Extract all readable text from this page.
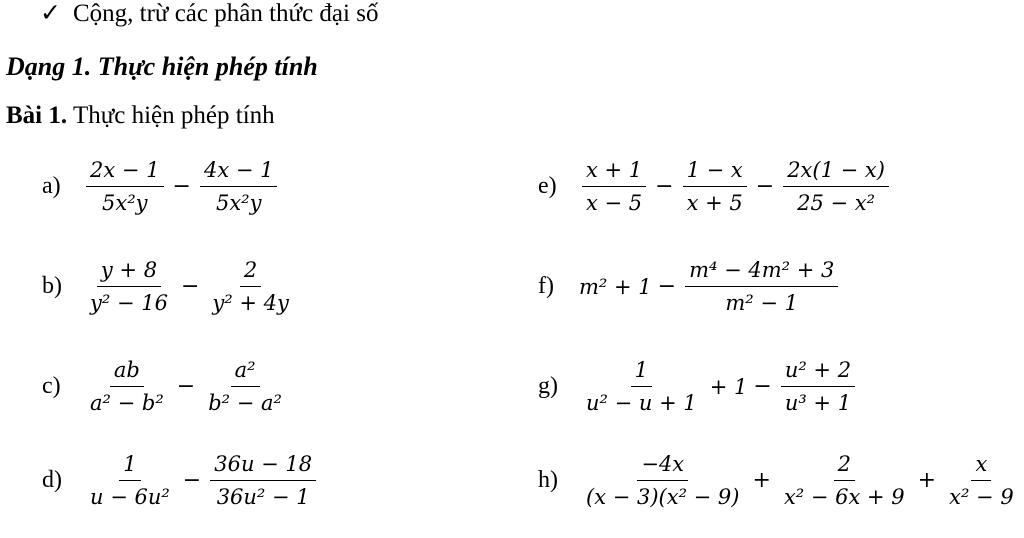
✓ Cộng, trừ các phân thức đại số
Dạng 1. Thực hiện phép tính
Bài 1. Thực hiện phép tính
a)	$\frac{2x - 1}{\text{5x²y}} - \frac{4x - 1}{\text{5x²y}}$
b)	$\frac{y + 8}{\text{y² − 16}} - \frac{2}{\text{y² + 4y}}$
c)	$\frac{ab}{\text{a² − b²}} - \frac{\text{a²}}{\text{b² − a²}}$
d)	$\frac{1}{\text{u − 6u²}} - \frac{36u - 18}{\text{36u² − 1}}$
e)	$\frac{x + 1}{x - 5} - \frac{1 - x}{x + 5} - \frac{2x(1 - x)}{\text{25 − x²}}$
f)	$m^2 + 1 - \frac{\text{m⁴ − 4m² + 3}}{\text{m² − 1}}$
g)	$\frac{1}{\text{u² − u + 1}} + 1 - \frac{\text{u² + 2}}{\text{u³ + 1}}$
h)	$\frac{-4x}{\text{(x − 3)(x² − 9)}} + \frac{2}{\text{x² − 6x + 9}} + \frac{x}{\text{x² − 9}}$
